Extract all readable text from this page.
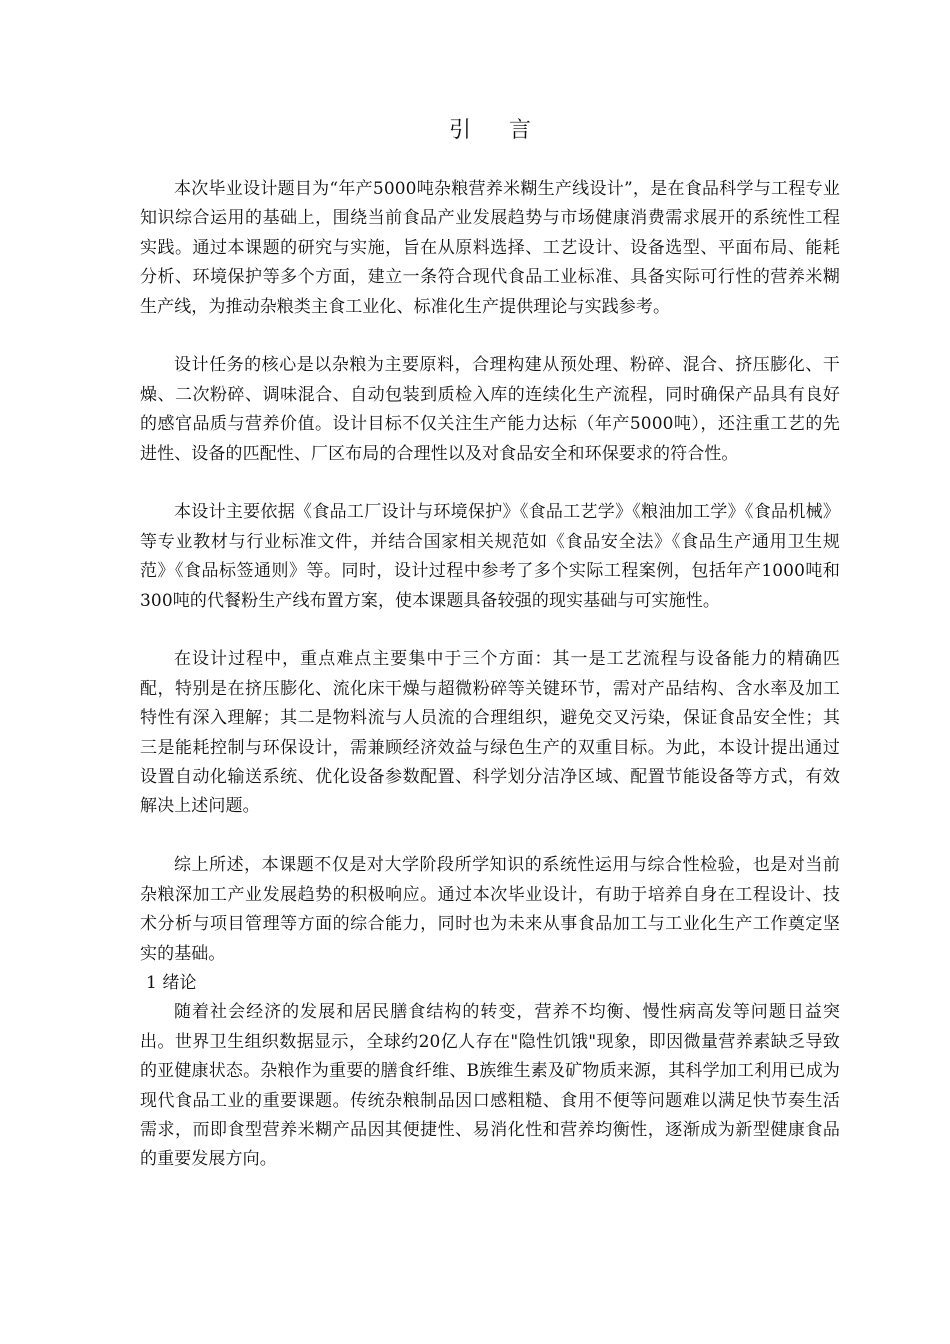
引言

本次毕业设计题目为“年产5000吨杂粮营养米糊生产线设计”，是在食品科学与工程专业知识综合运用的基础上，围绕当前食品产业发展趋势与市场健康消费需求展开的系统性工程实践。通过本课题的研究与实施，旨在从原料选择、工艺设计、设备选型、平面布局、能耗分析、环境保护等多个方面，建立一条符合现代食品工业标准、具备实际可行性的营养米糊生产线，为推动杂粮类主食工业化、标准化生产提供理论与实践参考。

设计任务的核心是以杂粮为主要原料，合理构建从预处理、粉碎、混合、挤压膨化、干燥、二次粉碎、调味混合、自动包装到质检入库的连续化生产流程，同时确保产品具有良好的感官品质与营养价值。设计目标不仅关注生产能力达标（年产5000吨），还注重工艺的先进性、设备的匹配性、厂区布局的合理性以及对食品安全和环保要求的符合性。

本设计主要依据《食品工厂设计与环境保护》《食品工艺学》《粮油加工学》《食品机械》等专业教材与行业标准文件，并结合国家相关规范如《食品安全法》《食品生产通用卫生规范》《食品标签通则》等。同时，设计过程中参考了多个实际工程案例，包括年产1000吨和300吨的代餐粉生产线布置方案，使本课题具备较强的现实基础与可实施性。

在设计过程中，重点难点主要集中于三个方面：其一是工艺流程与设备能力的精确匹配，特别是在挤压膨化、流化床干燥与超微粉碎等关键环节，需对产品结构、含水率及加工特性有深入理解；其二是物料流与人员流的合理组织，避免交叉污染，保证食品安全性；其三是能耗控制与环保设计，需兼顾经济效益与绿色生产的双重目标。为此，本设计提出通过设置自动化输送系统、优化设备参数配置、科学划分洁净区域、配置节能设备等方式，有效解决上述问题。

综上所述，本课题不仅是对大学阶段所学知识的系统性运用与综合性检验，也是对当前杂粮深加工产业发展趋势的积极响应。通过本次毕业设计，有助于培养自身在工程设计、技术分析与项目管理等方面的综合能力，同时也为未来从事食品加工与工业化生产工作奠定坚实的基础。

1 绪论

随着社会经济的发展和居民膳食结构的转变，营养不均衡、慢性病高发等问题日益突出。世界卫生组织数据显示，全球约20亿人存在"隐性饥饿"现象，即因微量营养素缺乏导致的亚健康状态。杂粮作为重要的膳食纤维、B族维生素及矿物质来源，其科学加工利用已成为现代食品工业的重要课题。传统杂粮制品因口感粗糙、食用不便等问题难以满足快节奏生活需求，而即食型营养米糊产品因其便捷性、易消化性和营养均衡性，逐渐成为新型健康食品的重要发展方向。
